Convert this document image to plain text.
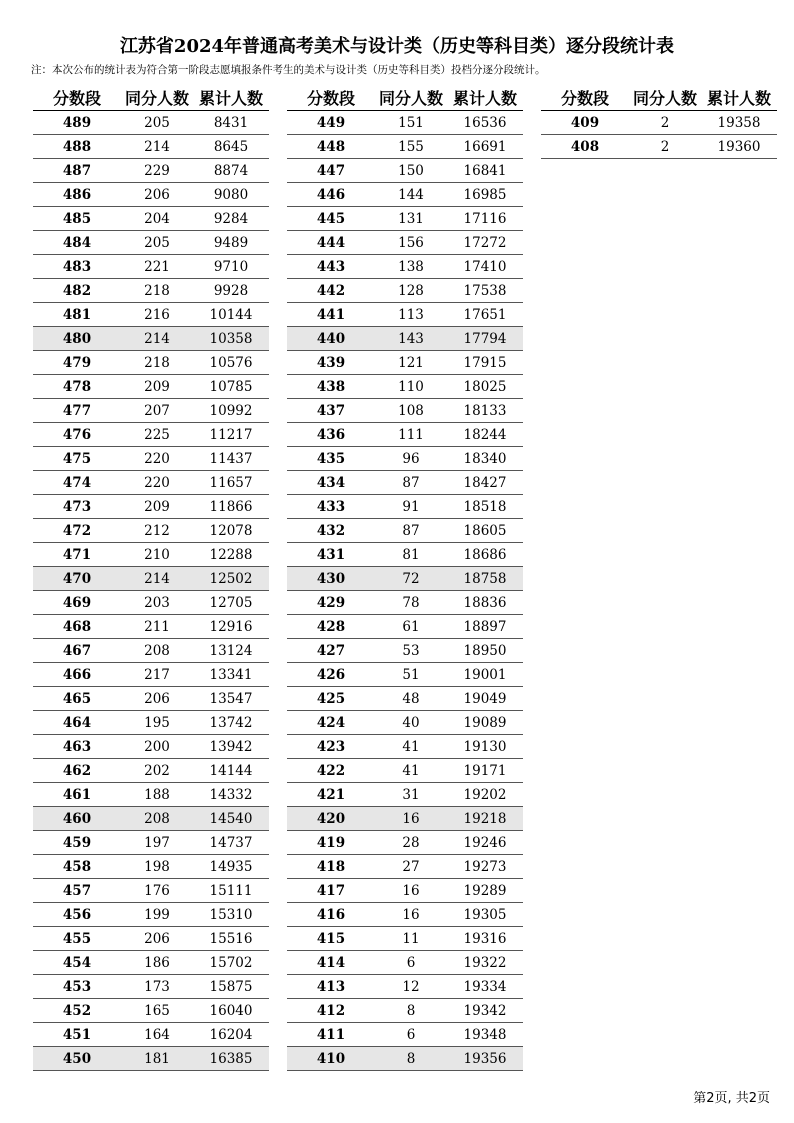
江苏省2024年普通高考美术与设计类（历史等科目类）逐分段统计表
注：本次公布的统计表为符合第一阶段志愿填报条件考生的美术与设计类（历史等科目类）投档分逐分段统计。
分数段	同分人数	累计人数
489	205	8431
488	214	8645
487	229	8874
486	206	9080
485	204	9284
484	205	9489
483	221	9710
482	218	9928
481	216	10144
480	214	10358
479	218	10576
478	209	10785
477	207	10992
476	225	11217
475	220	11437
474	220	11657
473	209	11866
472	212	12078
471	210	12288
470	214	12502
469	203	12705
468	211	12916
467	208	13124
466	217	13341
465	206	13547
464	195	13742
463	200	13942
462	202	14144
461	188	14332
460	208	14540
459	197	14737
458	198	14935
457	176	15111
456	199	15310
455	206	15516
454	186	15702
453	173	15875
452	165	16040
451	164	16204
450	181	16385
分数段	同分人数	累计人数
449	151	16536
448	155	16691
447	150	16841
446	144	16985
445	131	17116
444	156	17272
443	138	17410
442	128	17538
441	113	17651
440	143	17794
439	121	17915
438	110	18025
437	108	18133
436	111	18244
435	96	18340
434	87	18427
433	91	18518
432	87	18605
431	81	18686
430	72	18758
429	78	18836
428	61	18897
427	53	18950
426	51	19001
425	48	19049
424	40	19089
423	41	19130
422	41	19171
421	31	19202
420	16	19218
419	28	19246
418	27	19273
417	16	19289
416	16	19305
415	11	19316
414	6	19322
413	12	19334
412	8	19342
411	6	19348
410	8	19356
分数段	同分人数	累计人数
409	2	19358
408	2	19360
第2页, 共2页
